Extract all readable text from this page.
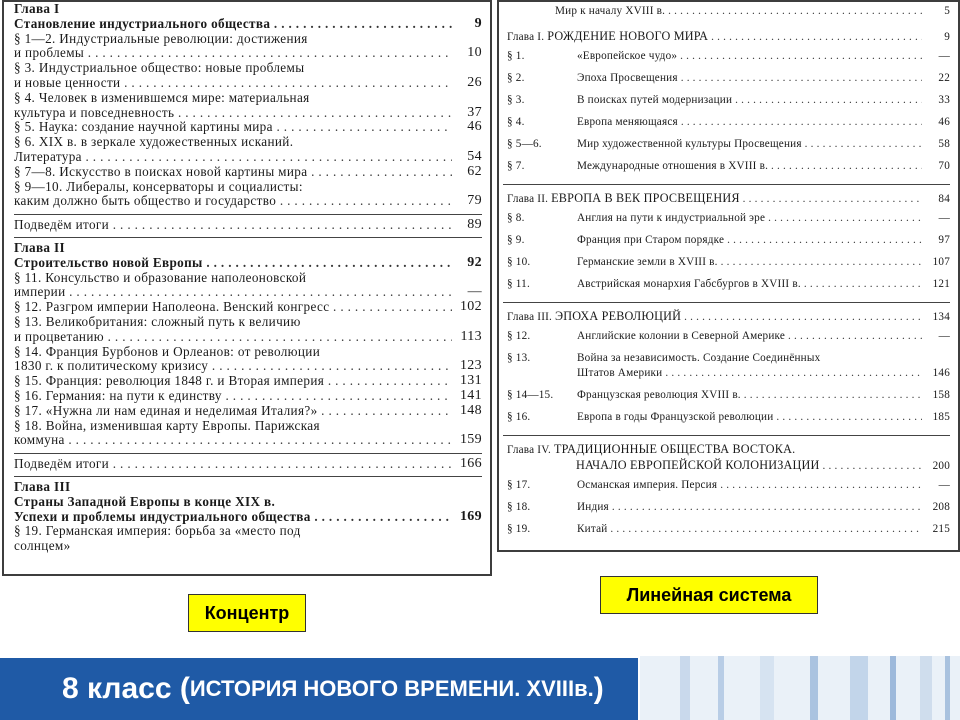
Глава I
Становление индустриального общества . . .	9
§ 1—2. Индустриальные революции: достижения
и проблемы . . .	10
§ 3. Индустриальное общество: новые проблемы
и новые ценности . . .	26
§ 4. Человек в изменившемся мире: материальная
культура и повседневность . . .	37
§ 5. Наука: создание научной картины мира . . .	46
§ 6. XIX в. в зеркале художественных исканий.
Литература . . .	54
§ 7—8. Искусство в поисках новой картины мира . . .	62
§ 9—10. Либералы, консерваторы и социалисты:
каким должно быть общество и государство . . .	79
Подведём итоги . . .	89
Глава II
Строительство новой Европы . . .	92
§ 11. Консульство и образование наполеоновской
империи . . .	—
§ 12. Разгром империи Наполеона. Венский конгресс . . .	102
§ 13. Великобритания: сложный путь к величию
и процветанию . . .	113
§ 14. Франция Бурбонов и Орлеанов: от революции
1830 г. к политическому кризису . . .	123
§ 15. Франция: революция 1848 г. и Вторая империя . . .	131
§ 16. Германия: на пути к единству . . .	141
§ 17. «Нужна ли нам единая и неделимая Италия?» . . .	148
§ 18. Война, изменившая карту Европы. Парижская
коммуна . . .	159
Подведём итоги . . .	166
Глава III
Страны Западной Европы в конце XIX в.
Успехи и проблемы индустриального общества . . .	169
§ 19. Германская империя: борьба за «место под
солнцем»
Мир к началу XVIII в. . . .	5
Глава I. РОЖДЕНИЕ НОВОГО МИРА . . .	9
§ 1.	«Европейское чудо» . . .	—
§ 2.	Эпоха Просвещения . . .	22
§ 3.	В поисках путей модернизации . . .	33
§ 4.	Европа меняющаяся . . .	46
§ 5—6.	Мир художественной культуры Просвещения . . .	58
§ 7.	Международные отношения в XVIII в. . . .	70
Глава II. ЕВРОПА В ВЕК ПРОСВЕЩЕНИЯ . . .	84
§ 8.	Англия на пути к индустриальной эре . . .	—
§ 9.	Франция при Старом порядке . . .	97
§ 10.	Германские земли в XVIII в. . . .	107
§ 11.	Австрийская монархия Габсбургов в XVIII в. . . .	121
Глава III. ЭПОХА РЕВОЛЮЦИЙ . . .	134
§ 12.	Английские колонии в Северной Америке . . .	—
§ 13.	Война за независимость. Создание Соединённых
Штатов Америки . . .	146
§ 14—15. Французская революция XVIII в. . . .	158
§ 16.	Европа в годы Французской революции . . .	185
Глава IV. ТРАДИЦИОННЫЕ ОБЩЕСТВА ВОСТОКА.
НАЧАЛО ЕВРОПЕЙСКОЙ КОЛОНИЗАЦИИ . . .	200
§ 17.	Османская империя. Персия . . .	—
§ 18.	Индия . . .	208
§ 19.	Китай . . .	215
Концентр
Линейная система
8 класс ( ИСТОРИЯ НОВОГО ВРЕМЕНИ. XVIIIв. )
